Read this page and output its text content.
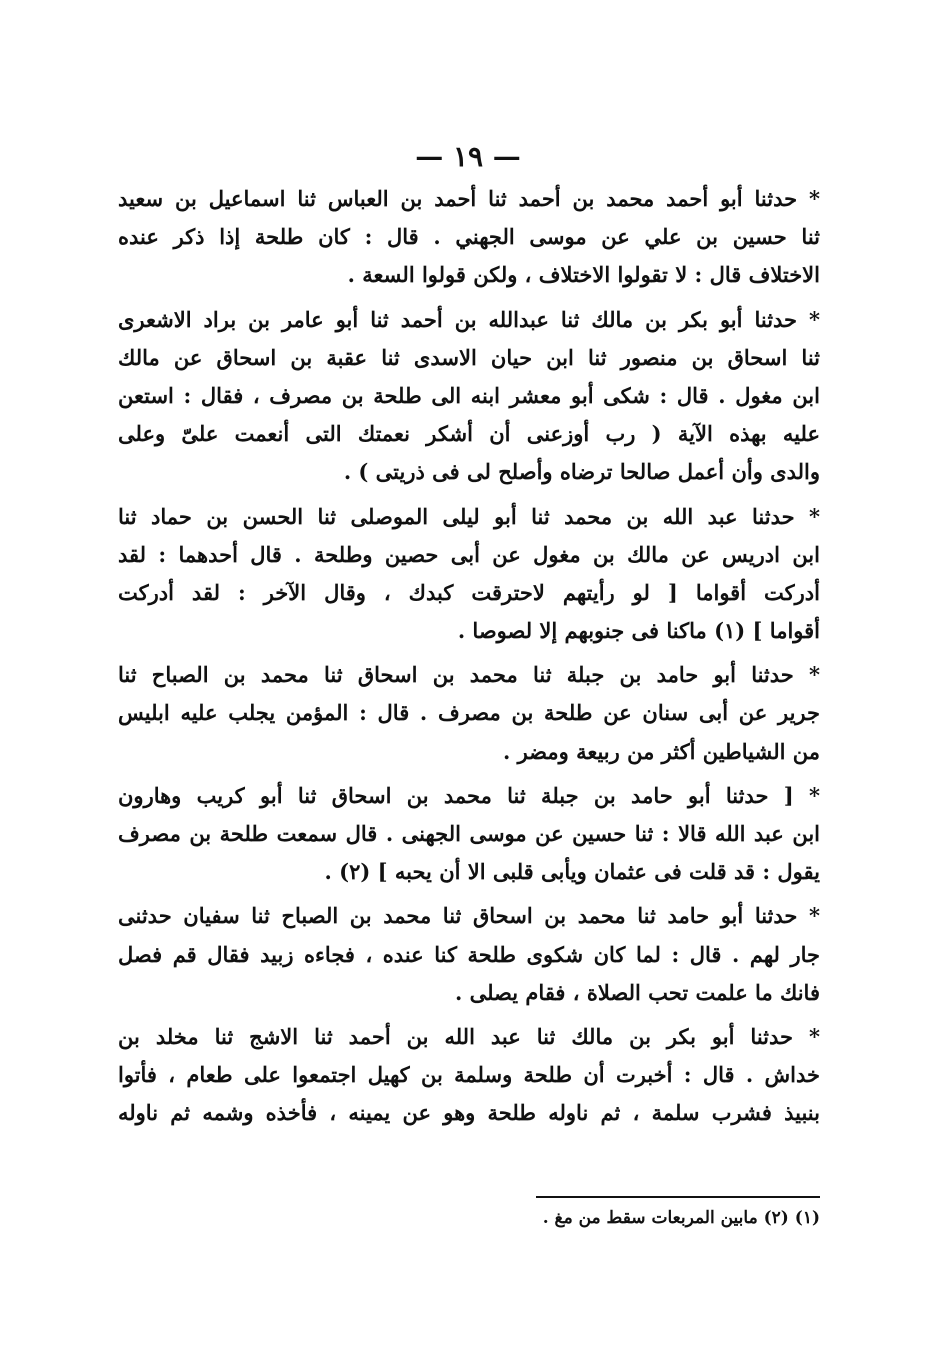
— ١٩ —
* حدثنا أبو أحمد محمد بن أحمد ثنا أحمد بن العباس ثنا اسماعيل بن سعيد
ثنا حسين بن علي عن موسى الجهني . قال : كان طلحة إذا ذكر عنده
الاختلاف قال : لا تقولوا الاختلاف ، ولكن قولوا السعة .
* حدثنا أبو بكر بن مالك ثنا عبدالله بن أحمد ثنا أبو عامر بن براد الاشعرى
ثنا اسحاق بن منصور ثنا ابن حيان الاسدى ثنا عقبة بن اسحاق عن مالك
ابن مغول . قال : شكى أبو معشر ابنه الى طلحة بن مصرف ، فقال : استعن
عليه بهذه الآية ( رب أوزعنى أن أشكر نعمتك التى أنعمت علىّ وعلى
والدى وأن أعمل صالحا ترضاه وأصلح لى فى ذريتى ) .
* حدثنا عبد الله بن محمد ثنا أبو ليلى الموصلى ثنا الحسن بن حماد ثنا
ابن ادريس عن مالك بن مغول عن أبى حصين وطلحة . قال أحدهما : لقد
أدركت أقواما [ لو رأيتهم لاحترقت كبدك ، وقال الآخر : لقد أدركت
أقواما ] (١) ماكنا فى جنوبهم إلا لصوصا .
* حدثنا أبو حامد بن جبلة ثنا محمد بن اسحاق ثنا محمد بن الصباح ثنا
جرير عن أبى سنان عن طلحة بن مصرف . قال : المؤمن يجلب عليه ابليس
من الشياطين أكثر من ربيعة ومضر .
* [ حدثنا أبو حامد بن جبلة ثنا محمد بن اسحاق ثنا أبو كريب وهارون
ابن عبد الله قالا : ثنا حسين عن موسى الجهنى . قال سمعت طلحة بن مصرف
يقول : قد قلت فى عثمان ويأبى قلبى الا أن يحبه ] (٢) .
* حدثنا أبو حامد ثنا محمد بن اسحاق ثنا محمد بن الصباح ثنا سفيان حدثنى
جار لهم . قال : لما كان شكوى طلحة كنا عنده ، فجاءه زبيد فقال قم فصل
فانك ما علمت تحب الصلاة ، فقام يصلى .
* حدثنا أبو بكر بن مالك ثنا عبد الله بن أحمد ثنا الاشج ثنا مخلد بن
خداش . قال : أخبرت أن طلحة وسلمة بن كهيل اجتمعوا على طعام ، فأتوا
بنبيذ فشرب سلمة ، ثم ناوله طلحة وهو عن يمينه ، فأخذه وشمه ثم ناوله
(١) (٢) مابين المربعات سقط من مغ .
